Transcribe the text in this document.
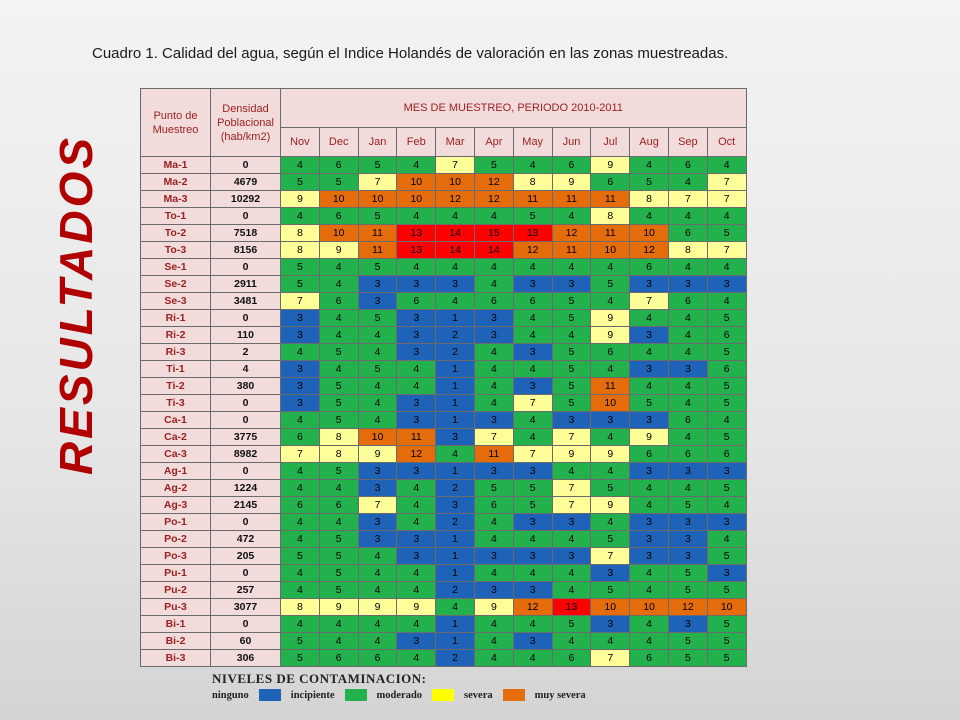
Cuadro 1. Calidad del agua, según el Indice Holandés de valoración en las zonas muestreadas.
RESULTADOS
Punto de Muestreo	Densidad Poblacional (hab/km2)	MES DE MUESTREO, PERIODO 2010-2011											
		Nov	Dec	Jan	Feb	Mar	Apr	May	Jun	Jul	Aug	Sep	Oct
Ma-1	0	4	6	5	4	7	5	4	6	9	4	6	4
Ma-2	4679	5	5	7	10	10	12	8	9	6	5	4	7
Ma-3	10292	9	10	10	10	12	12	11	11	11	8	7	7
To-1	0	4	6	5	4	4	4	5	4	8	4	4	4
To-2	7518	8	10	11	13	14	15	13	12	11	10	6	5
To-3	8156	8	9	11	13	14	14	12	11	10	12	8	7
Se-1	0	5	4	5	4	4	4	4	4	4	6	4	4
Se-2	2911	5	4	3	3	3	4	3	3	5	3	3	3
Se-3	3481	7	6	3	6	4	6	6	5	4	7	6	4
Ri-1	0	3	4	5	3	1	3	4	5	9	4	4	5
Ri-2	110	3	4	4	3	2	3	4	4	9	3	4	6
Ri-3	2	4	5	4	3	2	4	3	5	6	4	4	5
Ti-1	4	3	4	5	4	1	4	4	5	4	3	3	6
Ti-2	380	3	5	4	4	1	4	3	5	11	4	4	5
Ti-3	0	3	5	4	3	1	4	7	5	10	5	4	5
Ca-1	0	4	5	4	3	1	3	4	3	3	3	6	4
Ca-2	3775	6	8	10	11	3	7	4	7	4	9	4	5
Ca-3	8982	7	8	9	12	4	11	7	9	9	6	6	6
Ag-1	0	4	5	3	3	1	3	3	4	4	3	3	3
Ag-2	1224	4	4	3	4	2	5	5	7	5	4	4	5
Ag-3	2145	6	6	7	4	3	6	5	7	9	4	5	4
Po-1	0	4	4	3	4	2	4	3	3	4	3	3	3
Po-2	472	4	5	3	3	1	4	4	4	5	3	3	4
Po-3	205	5	5	4	3	1	3	3	3	7	3	3	5
Pu-1	0	4	5	4	4	1	4	4	4	3	4	5	3
Pu-2	257	4	5	4	4	2	3	3	4	5	4	5	5
Pu-3	3077	8	9	9	9	4	9	12	13	10	10	12	10
Bi-1	0	4	4	4	4	1	4	4	5	3	4	3	5
Bi-2	60	5	4	4	3	1	4	3	4	4	4	5	5
Bi-3	306	5	6	6	4	2	4	4	6	7	6	5	5
NIVELES DE CONTAMINACION:
ninguno	incipiente	moderado	severa	muy severa
